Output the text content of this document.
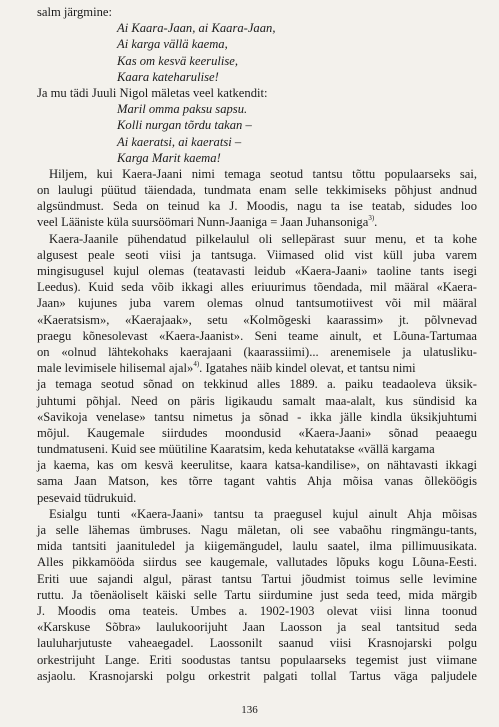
salm järgmine:
Ai Kaara-Jaan, ai Kaara-Jaan,
Ai karga vällä kaema,
Kas om kesvä keerulise,
Kaara kateharulise!
Ja mu tädi Juuli Nigol mäletas veel katkendit:
Maril omma paksu sapsu.
Kolli nurgan tõrdu takan –
Ai kaeratsi, ai kaeratsi –
Karga Marit kaema!
Hiljem, kui Kaera-Jaani nimi temaga seotud tantsu tõttu populaarseks sai,
on laulugi püütud täiendada, tundmata enam selle tekkimiseks põhjust andnud
algsündmust. Seda on teinud ka J. Moodis, nagu ta ise teatab, sidudes loo
veel Lääniste küla suursöömari Nunn-Jaaniga = Jaan Juhansoniga$^{3)}$.
Kaera-Jaanile pühendatud pilkelaulul oli sellepärast suur menu, et ta kohe
algusest peale seoti viisi ja tantsuga. Viimased olid vist küll juba varem
mingisugusel kujul olemas (teatavasti leidub «Kaera-Jaani» taoline tants isegi
Leedus). Kuid seda võib ikkagi alles eriuurimus tõendada, mil määral «Kaera-
Jaan» kujunes juba varem olemas olnud tantsumotiivest või mil määral
«Kaeratsism», «Kaerajaak», setu «Kolmõgeski kaarassim» jt. põlvnevad
praegu kõnesolevast «Kaera-Jaanist». Seni teame ainult, et Lõuna-Tartumaa
on «olnud lähtekohaks kaerajaani (kaarassiimi)... arenemisele ja ulatusliku-
male levimisele hilisemal ajal»$^{4)}$. Igatahes näib kindel olevat, et tantsu nimi
ja temaga seotud sõnad on tekkinud alles 1889. a. paiku teadaoleva üksik-
juhtumi põhjal. Need on päris ligikaudu samalt maa-alalt, kus sündisid ka
«Savikoja venelase» tantsu nimetus ja sõnad - ikka jälle kindla üksikjuhtumi
mõjul. Kaugemale siirdudes moondusid «Kaera-Jaani» sõnad peaaegu
tundmatuseni. Kuid see müütiline Kaaratsim, keda kehutatakse «vällä kargama
ja kaema, kas om kesvä keerulitse, kaara katsa-kandilise», on nähtavasti ikkagi
sama Jaan Matson, kes tõrre tagant vahtis Ahja mõisa vanas õlleköögis
pesevaid tüdrukuid.
Esialgu tunti «Kaera-Jaani» tantsu ta praegusel kujul ainult Ahja mõisas
ja selle lähemas ümbruses. Nagu mäletan, oli see vabaõhu ringmängu-tants,
mida tantsiti jaanituledel ja kiigemängudel, laulu saatel, ilma pillimuusikata.
Alles pikkamööda siirdus see kaugemale, vallutades lõpuks kogu Lõuna-Eesti.
Eriti uue sajandi algul, pärast tantsu Tartui jõudmist toimus selle levimine
ruttu. Ja tõenäoliselt käiski selle Tartu siirdumine just seda teed, mida märgib
J. Moodis oma teateis. Umbes a. 1902-1903 olevat viisi linna toonud
«Karskuse Sõbra» laulukoorijuht Jaan Laosson ja seal tantsitud seda
lauluharjutuste vaheaegadel. Laossonilt saanud viisi Krasnojarski polgu
orkestrijuht Lange. Eriti soodustas tantsu populaarseks tegemist just viimane
asjaolu. Krasnojarski polgu orkestrit palgati tollal Tartus väga paljudele
136
